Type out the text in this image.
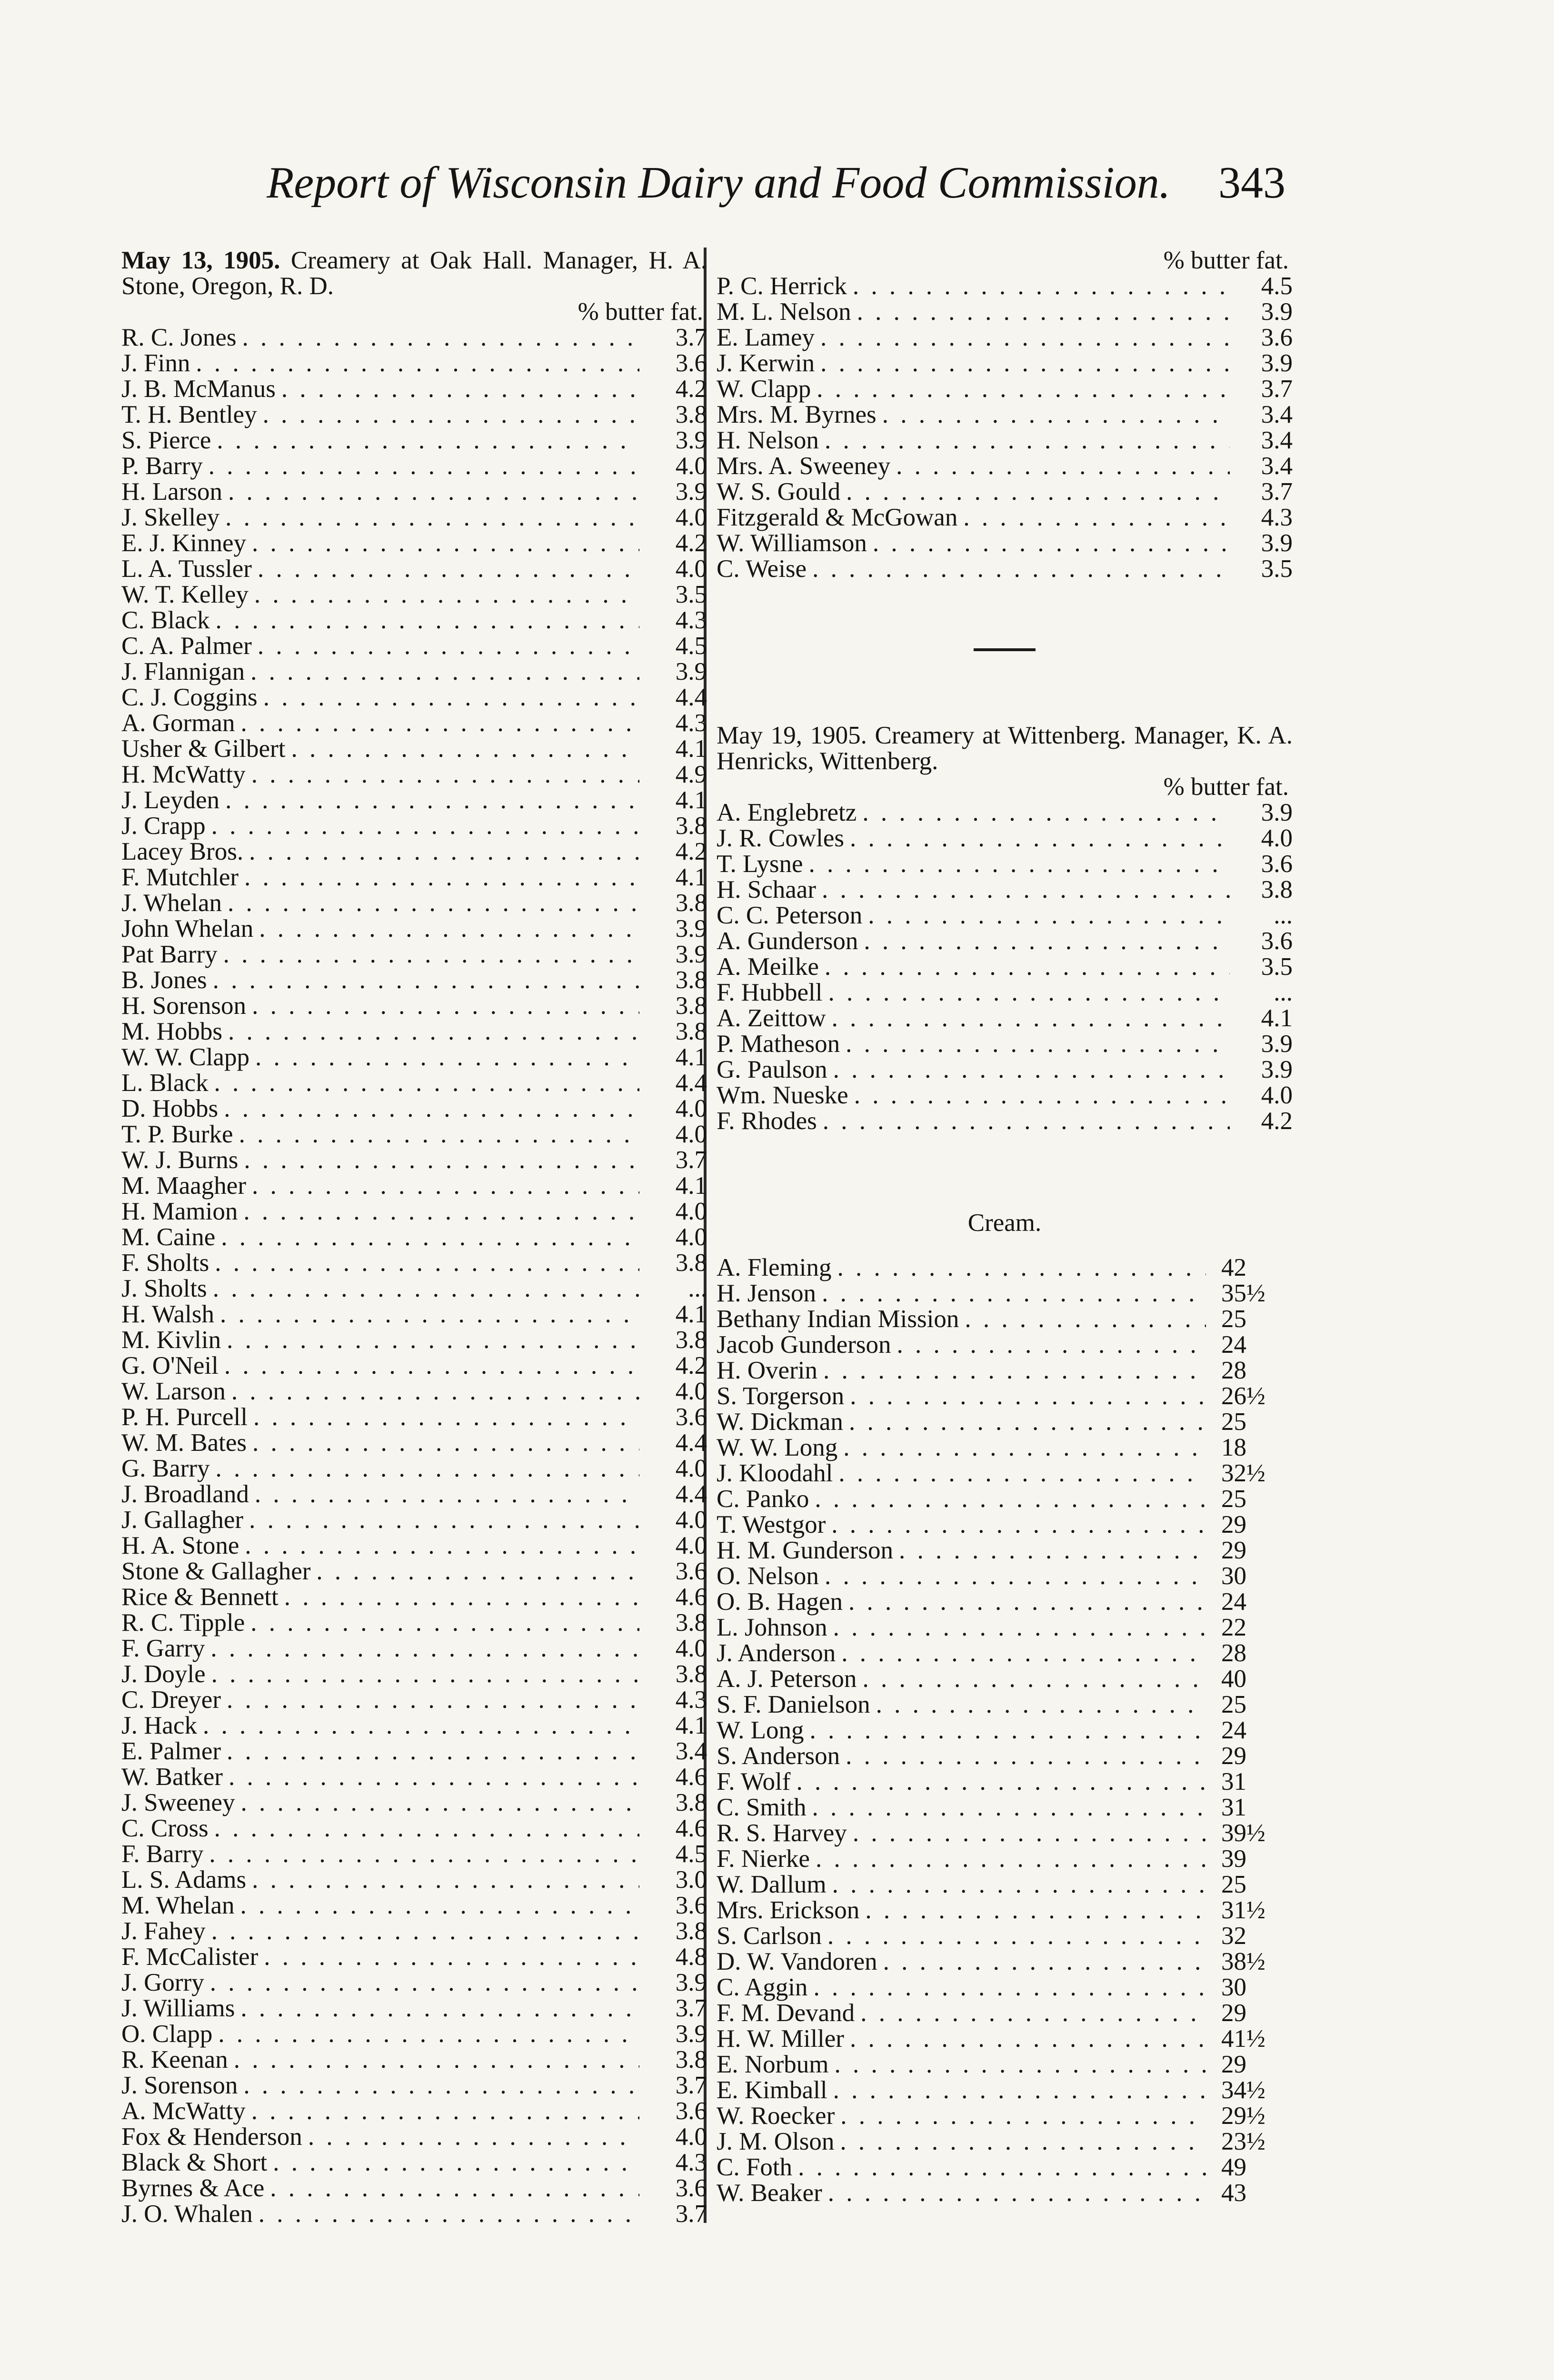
Report of Wisconsin Dairy and Food Commission. 343
May 13, 1905. Creamery at Oak Hall. Manager, H. A. Stone, Oregon, R. D.
% butter fat.
R. C. Jones . . .	3.7
J. Finn . . .	3.6
J. B. McManus . . .	4.2
T. H. Bentley . . .	3.8
S. Pierce . . .	3.9
P. Barry . . .	4.0
H. Larson . . .	3.9
J. Skelley . . .	4.0
E. J. Kinney . . .	4.2
L. A. Tussler . . .	4.0
W. T. Kelley . . .	3.5
C. Black . . .	4.3
C. A. Palmer . . .	4.5
J. Flannigan . . .	3.9
C. J. Coggins . . .	4.4
A. Gorman . . .	4.3
Usher & Gilbert . . .	4.1
H. McWatty . . .	4.9
J. Leyden . . .	4.1
J. Crapp . . .	3.8
Lacey Bros. . . .	4.2
F. Mutchler . . .	4.1
J. Whelan . . .	3.8
John Whelan . . .	3.9
Pat Barry . . .	3.9
B. Jones . . .	3.8
H. Sorenson . . .	3.8
M. Hobbs . . .	3.8
W. W. Clapp . . .	4.1
L. Black . . .	4.4
D. Hobbs . . .	4.0
T. P. Burke . . .	4.0
W. J. Burns . . .	3.7
M. Maagher . . .	4.1
H. Mamion . . .	4.0
M. Caine . . .	4.0
F. Sholts . . .	3.8
J. Sholts . . .	...
H. Walsh . . .	4.1
M. Kivlin . . .	3.8
G. O'Neil . . .	4.2
W. Larson . . .	4.0
P. H. Purcell . . .	3.6
W. M. Bates . . .	4.4
G. Barry . . .	4.0
J. Broadland . . .	4.4
J. Gallagher . . .	4.0
H. A. Stone . . .	4.0
Stone & Gallagher . . .	3.6
Rice & Bennett . . .	4.6
R. C. Tipple . . .	3.8
F. Garry . . .	4.0
J. Doyle . . .	3.8
C. Dreyer . . .	4.3
J. Hack . . .	4.1
E. Palmer . . .	3.4
W. Batker . . .	4.6
J. Sweeney . . .	3.8
C. Cross . . .	4.6
F. Barry . . .	4.5
L. S. Adams . . .	3.0
M. Whelan . . .	3.6
J. Fahey . . .	3.8
F. McCalister . . .	4.8
J. Gorry . . .	3.9
J. Williams . . .	3.7
O. Clapp . . .	3.9
R. Keenan . . .	3.8
J. Sorenson . . .	3.7
A. McWatty . . .	3.6
Fox & Henderson . . .	4.0
Black & Short . . .	4.3
Byrnes & Ace . . .	3.6
J. O. Whalen . . .	3.7
% butter fat.
P. C. Herrick . . .	4.5
M. L. Nelson . . .	3.9
E. Lamey . . .	3.6
J. Kerwin . . .	3.9
W. Clapp . . .	3.7
Mrs. M. Byrnes . . .	3.4
H. Nelson . . .	3.4
Mrs. A. Sweeney . . .	3.4
W. S. Gould . . .	3.7
Fitzgerald & McGowan . . .	4.3
W. Williamson . . .	3.9
C. Weise . . .	3.5
May 19, 1905. Creamery at Wittenberg. Manager, K. A. Henricks, Wittenberg.
% butter fat.
A. Englebretz . . .	3.9
J. R. Cowles . . .	4.0
T. Lysne . . .	3.6
H. Schaar . . .	3.8
C. C. Peterson . . .	...
A. Gunderson . . .	3.6
A. Meilke . . .	3.5
F. Hubbell . . .	...
A. Zeittow . . .	4.1
P. Matheson . . .	3.9
G. Paulson . . .	3.9
Wm. Nueske . . .	4.0
F. Rhodes . . .	4.2
Cream.
A. Fleming . . .	42
H. Jenson . . .	35½
Bethany Indian Mission . . .	25
Jacob Gunderson . . .	24
H. Overin . . .	28
S. Torgerson . . .	26½
W. Dickman . . .	25
W. W. Long . . .	18
J. Kloodahl . . .	32½
C. Panko . . .	25
T. Westgor . . .	29
H. M. Gunderson . . .	29
O. Nelson . . .	30
O. B. Hagen . . .	24
L. Johnson . . .	22
J. Anderson . . .	28
A. J. Peterson . . .	40
S. F. Danielson . . .	25
W. Long . . .	24
S. Anderson . . .	29
F. Wolf . . .	31
C. Smith . . .	31
R. S. Harvey . . .	39½
F. Nierke . . .	39
W. Dallum . . .	25
Mrs. Erickson . . .	31½
S. Carlson . . .	32
D. W. Vandoren . . .	38½
C. Aggin . . .	30
F. M. Devand . . .	29
H. W. Miller . . .	41½
E. Norbum . . .	29
E. Kimball . . .	34½
W. Roecker . . .	29½
J. M. Olson . . .	23½
C. Foth . . .	49
W. Beaker . . .	43
